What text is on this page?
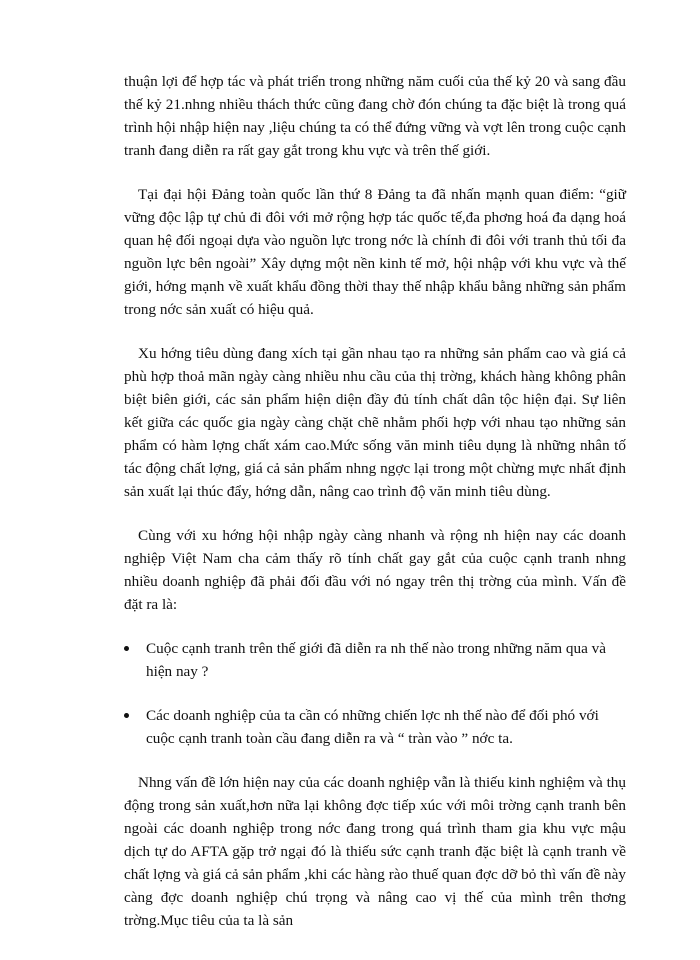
thuận lợi để hợp tác và phát triển trong những năm cuối của thế kỷ 20 và sang đầu thế kỷ 21.nhng nhiều thách thức cũng đang chờ đón chúng ta đặc biệt là trong quá trình hội nhập hiện nay ,liệu chúng ta có thể đứng vững và vợt lên trong cuộc cạnh tranh đang diễn ra rất gay gắt trong khu vực và trên thế giới.

Tại đại hội Đảng toàn quốc lần thứ 8 Đảng ta đã nhấn mạnh quan điểm: “giữ vững độc lập tự chủ đi đôi với mở rộng hợp tác quốc tế,đa phơng hoá đa dạng hoá quan hệ đối ngoại dựa vào nguồn lực trong nớc là chính đi đôi với tranh thủ tối đa nguồn lực bên ngoài” Xây dựng một nền kinh tế mở, hội nhập với khu vực và thế giới, hớng mạnh về xuất khẩu đồng thời thay thế nhập khẩu bằng những sản phẩm trong nớc sản xuất có hiệu quả.

Xu hớng tiêu dùng đang xích tại gần nhau tạo ra những sản phẩm cao và giá cả phù hợp thoả mãn ngày càng nhiều nhu cầu của thị trờng, khách hàng không phân biệt biên giới, các sản phẩm hiện diện đầy đủ tính chất dân tộc hiện đại. Sự liên kết giữa các quốc gia ngày càng chặt chẽ nhằm phối hợp với nhau tạo những sản phẩm có hàm lợng chất xám cao.Mức sống văn minh tiêu dụng là những nhân tố tác động chất lợng, giá cả sản phẩm nhng ngợc lại trong một chừng mực nhất định sản xuất lại thúc đẩy, hớng dẫn, nâng cao trình độ văn minh tiêu dùng.

Cùng với xu hớng hội nhập ngày càng nhanh và rộng nh hiện nay các doanh nghiệp Việt Nam cha cảm thấy rõ tính chất gay gắt của cuộc cạnh tranh nhng nhiều doanh nghiệp đã phải đối đầu với nó ngay trên thị trờng của mình. Vấn đề đặt ra là:

Cuộc cạnh tranh trên thế giới đã diễn ra nh thế nào trong những năm qua và hiện nay ?
Các doanh nghiệp của ta cần có những chiến lợc nh thế nào để đối phó với cuộc cạnh tranh toàn cầu đang diễn ra và “ tràn vào ” nớc ta.

Nhng vấn đề lớn hiện nay của các doanh nghiệp vẫn là thiếu kinh nghiệm và thụ động trong sản xuất,hơn nữa lại không đợc tiếp xúc với môi trờng cạnh tranh bên ngoài các doanh nghiệp trong nớc đang trong quá trình tham gia khu vực mậu dịch tự do AFTA gặp trở ngại đó là thiếu sức cạnh tranh đặc biệt là cạnh tranh về chất lợng và giá cả sản phẩm ,khi các hàng rào thuế quan đợc dỡ bỏ thì vấn đề này càng đợc doanh nghiệp chú trọng và nâng cao vị thế của mình trên thơng trờng.Mục tiêu của ta là sản
